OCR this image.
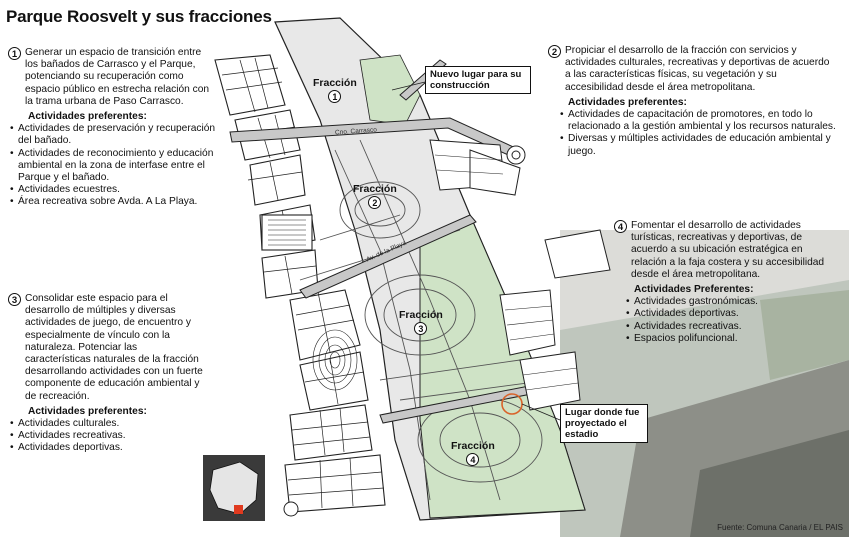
Parque Roosvelt y sus fracciones
1 Generar un espacio de transición entre los bañados de Carrasco y el Parque, potenciando su recuperación como espacio público en estrecha relación con la trama urbana de Paso Carrasco.
Actividades preferentes:
• Actividades de preservación y recuperación del bañado.
• Actividades de reconocimiento y educación ambiental en la zona de interfase entre el Parque y el bañado.
• Actividades ecuestres.
• Área recreativa sobre Avda. A La Playa.
3 Consolidar este espacio para el desarrollo de múltiples y diversas actividades de juego, de encuentro y especialmente de vínculo con la naturaleza. Potenciar las características naturales de la fracción desarrollando actividades con un fuerte componente de educación ambiental y de recreación.
Actividades preferentes:
• Actividades culturales.
• Actividades recreativas.
• Actividades deportivas.
2 Propiciar el desarrollo de la fracción con servicios y actividades culturales, recreativas y deportivas de acuerdo a las características físicas, su vegetación y su accesibilidad desde el área metropolitana.
Actividades preferentes:
• Actividades de capacitación de promotores, en todo lo relacionado a la gestión ambiental y los recursos naturales.
• Diversas y múltiples actividades de educación ambiental y juego.
4 Fomentar el desarrollo de actividades turísticas, recreativas y deportivas, de acuerdo a su ubicación estratégica en relación a la faja costera y su accesibilidad desde el área metropolitana.
Actividades Preferentes:
• Actividades gastronómicas.
• Actividades deportivas.
• Actividades recreativas.
• Espacios polifuncional.
Fracción
1
Fracción
2
Fracción
3
Fracción
4
Nuevo lugar para su construcción
Lugar donde fue proyectado el estadio
Cno. Carrasco
Av. de la Playa
Fuente: Comuna Canaria / EL PAIS
